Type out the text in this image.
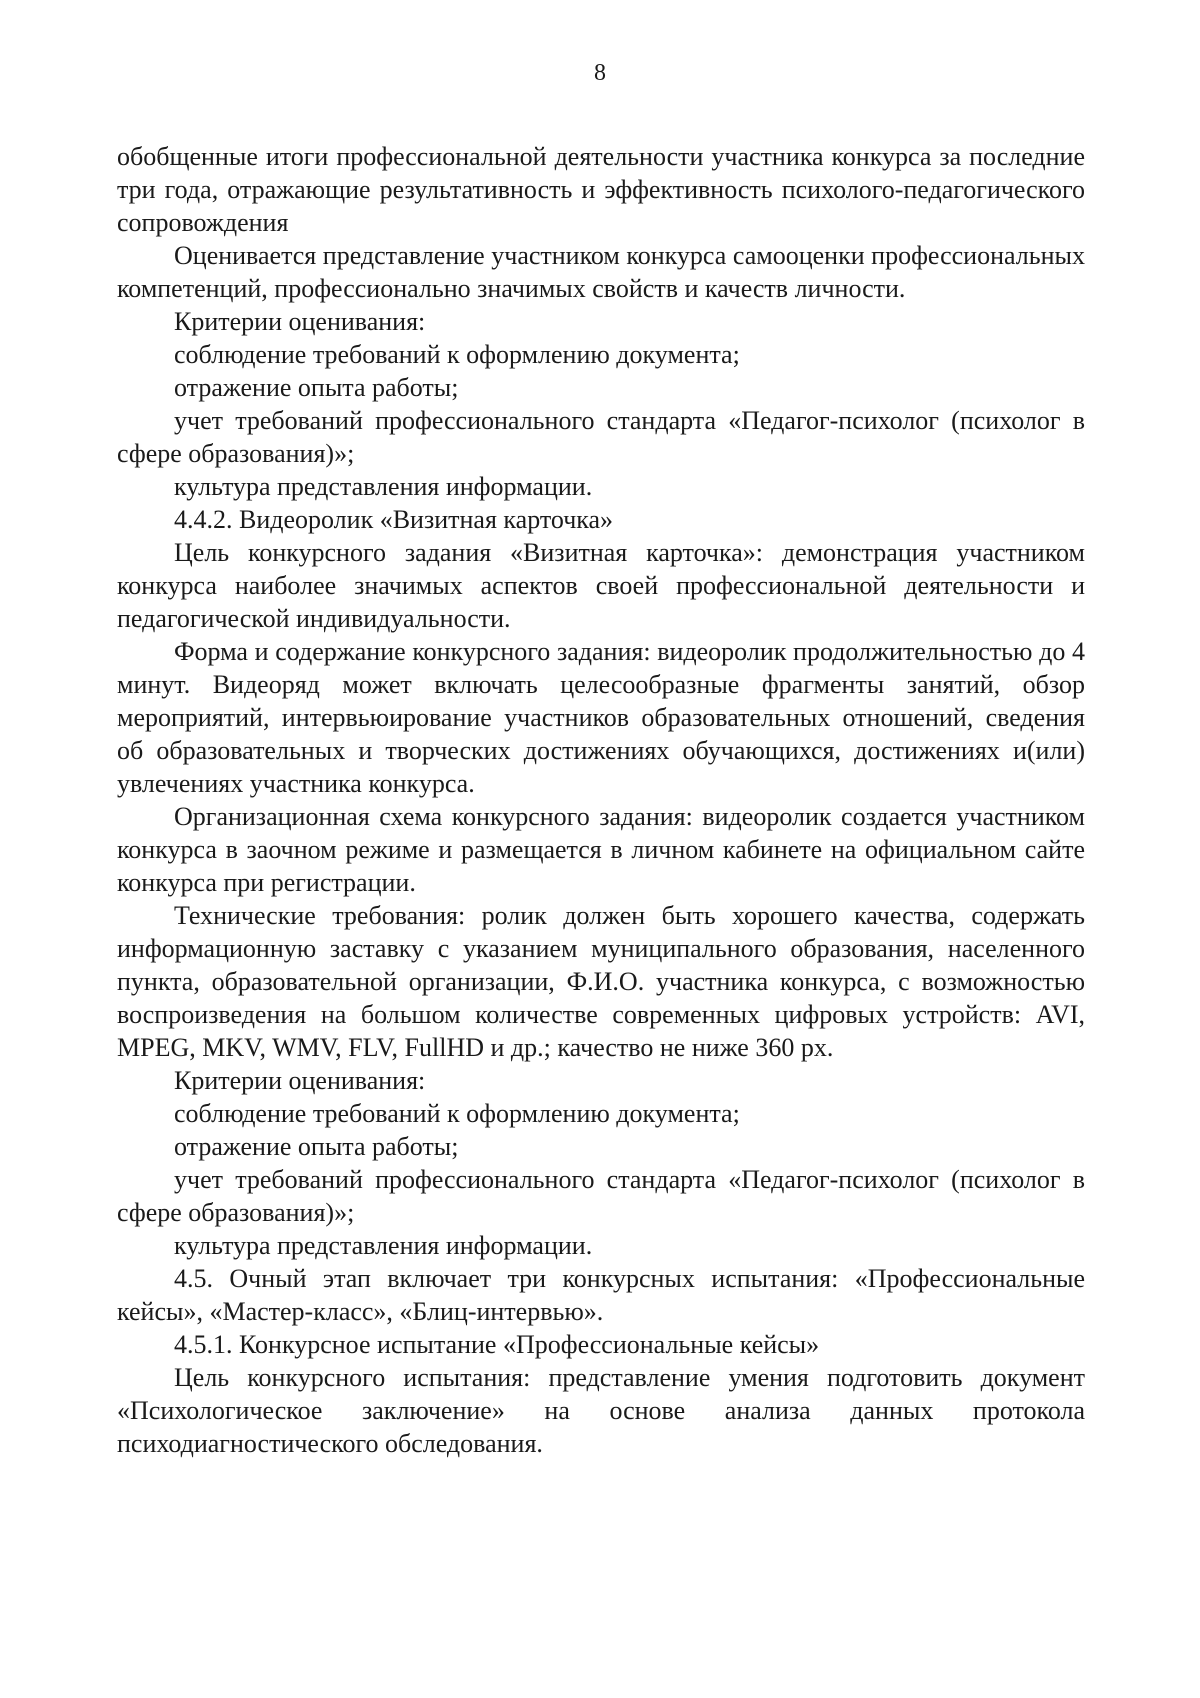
8

обобщенные итоги профессиональной деятельности участника конкурса за последние три года, отражающие результативность и эффективность психолого-педагогического сопровождения

Оценивается представление участником конкурса самооценки профессиональных компетенций, профессионально значимых свойств и качеств личности.

Критерии оценивания:

соблюдение требований к оформлению документа;

отражение опыта работы;

учет требований профессионального стандарта «Педагог-психолог (психолог в сфере образования)»;

культура представления информации.

4.4.2. Видеоролик «Визитная карточка»

Цель конкурсного задания «Визитная карточка»: демонстрация участником конкурса наиболее значимых аспектов своей профессиональной деятельности и педагогической индивидуальности.

Форма и содержание конкурсного задания: видеоролик продолжительностью до 4 минут. Видеоряд может включать целесообразные фрагменты занятий, обзор мероприятий, интервьюирование участников образовательных отношений, сведения об образовательных и творческих достижениях обучающихся, достижениях и(или) увлечениях участника конкурса.

Организационная схема конкурсного задания: видеоролик создается участником конкурса в заочном режиме и размещается в личном кабинете на официальном сайте конкурса при регистрации.

Технические требования: ролик должен быть хорошего качества, содержать информационную заставку с указанием муниципального образования, населенного пункта, образовательной организации, Ф.И.О. участника конкурса, с возможностью воспроизведения на большом количестве современных цифровых устройств: AVI, MPEG, MKV, WMV, FLV, FullHD и др.; качество не ниже 360 px.

Критерии оценивания:

соблюдение требований к оформлению документа;

отражение опыта работы;

учет требований профессионального стандарта «Педагог-психолог (психолог в сфере образования)»;

культура представления информации.

4.5. Очный этап включает три конкурсных испытания: «Профессиональные кейсы», «Мастер-класс», «Блиц-интервью».

4.5.1. Конкурсное испытание «Профессиональные кейсы»

Цель конкурсного испытания: представление умения подготовить документ «Психологическое заключение» на основе анализа данных протокола психодиагностического обследования.
